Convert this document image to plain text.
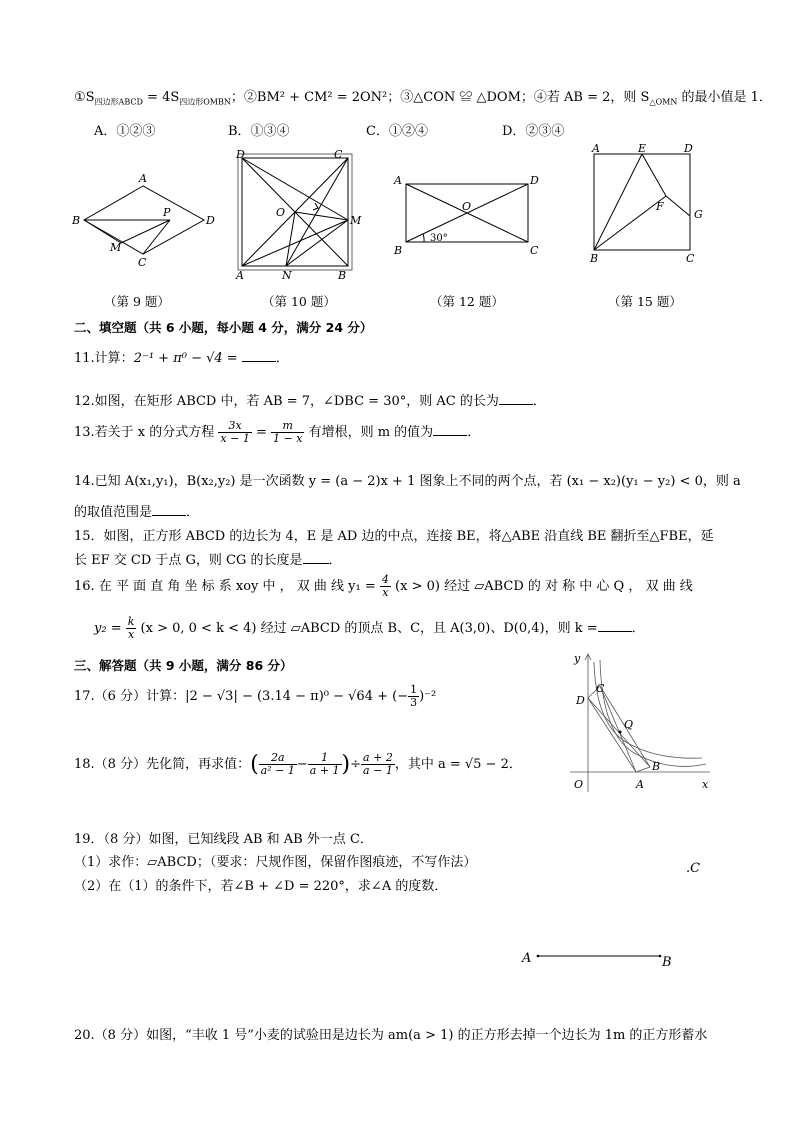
$①S_{四边形ABCD} = 4S_{四边形OMBN}$；②BM² + CM² = 2ON²；③△CON ≌ △DOM；④若 AB = 2，则 $S_{\triangle OMN}$ 的最小值是 1．
A．①②③	B．①③④	C．①②④	D．②③④
A
B
P
D
M
C
（第 9 题）
D	C
O
M
A	N	B
（第 10 题）
A	D
O
30°
B	C
（第 12 题）
A	E	D
F
G
B	C
（第 15 题）
二、填空题（共 6 小题，每小题 4 分，满分 24 分）
11.计算：2⁻¹ + π⁰ − √4 =	．
12.如图，在矩形 ABCD 中，若 AB = 7，∠DBC = 30°，则 AC 的长为	．
13.若关于 x 的分式方程 $\frac{3x}{x - 1} = \frac{m}{1 - x}$ 有增根，则 m 的值为	．
14.已知 A(x₁,y₁)，B(x₂,y₂) 是一次函数 y = (a − 2)x + 1 图象上不同的两个点，若 (x₁ − x₂)(y₁ − y₂) < 0，则 a
的取值范围是	．
15．如图，正方形 ABCD 的边长为 4，E 是 AD 边的中点，连接 BE，将△ABE 沿直线 BE 翻折至△FBE，延
长 EF 交 CD 于点 G，则 CG 的长度是 ．
16. 在 平 面 直 角 坐 标 系 xoy 中 ， 双 曲 线 $y_1 = \frac{4}{x} (x > 0)$ 经过 ▱ABCD 的 对 称 中 心 Q ， 双 曲 线
$y_2 = \frac{k}{x} (x > 0$, 0 < k < 4) 经过 ▱ABCD 的顶点 B、C，且 A(3,0)、D(0,4)，则 k =	．
三、解答题（共 9 小题，满分 86 分）
17.（6 分）计算：|2 − √3| − (3.14 − π)⁰ − √64 + (− $\frac{1}{3} )^{-2}$
18.（8 分）先化简，再求值：( $\frac{2a}{\text{a² − 1}} - \frac{1}{a + 1}$ )÷ $\frac{a + 2}{a - 1}$ ，其中 a = √5 − 2．
y
C
D
Q
B
O	A	x
19．（8 分）如图，已知线段 AB 和 AB 外一点 C．
（1）求作：▱ABCD；（要求：尺规作图，保留作图痕迹，不写作法）
（2）在（1）的条件下，若∠B + ∠D = 220°，求∠A 的度数．
.C
A	B
20.（8 分）如图，“丰收 1 号”小麦的试验田是边长为 am(a > 1) 的正方形去掉一个边长为 1m 的正方形蓄水
